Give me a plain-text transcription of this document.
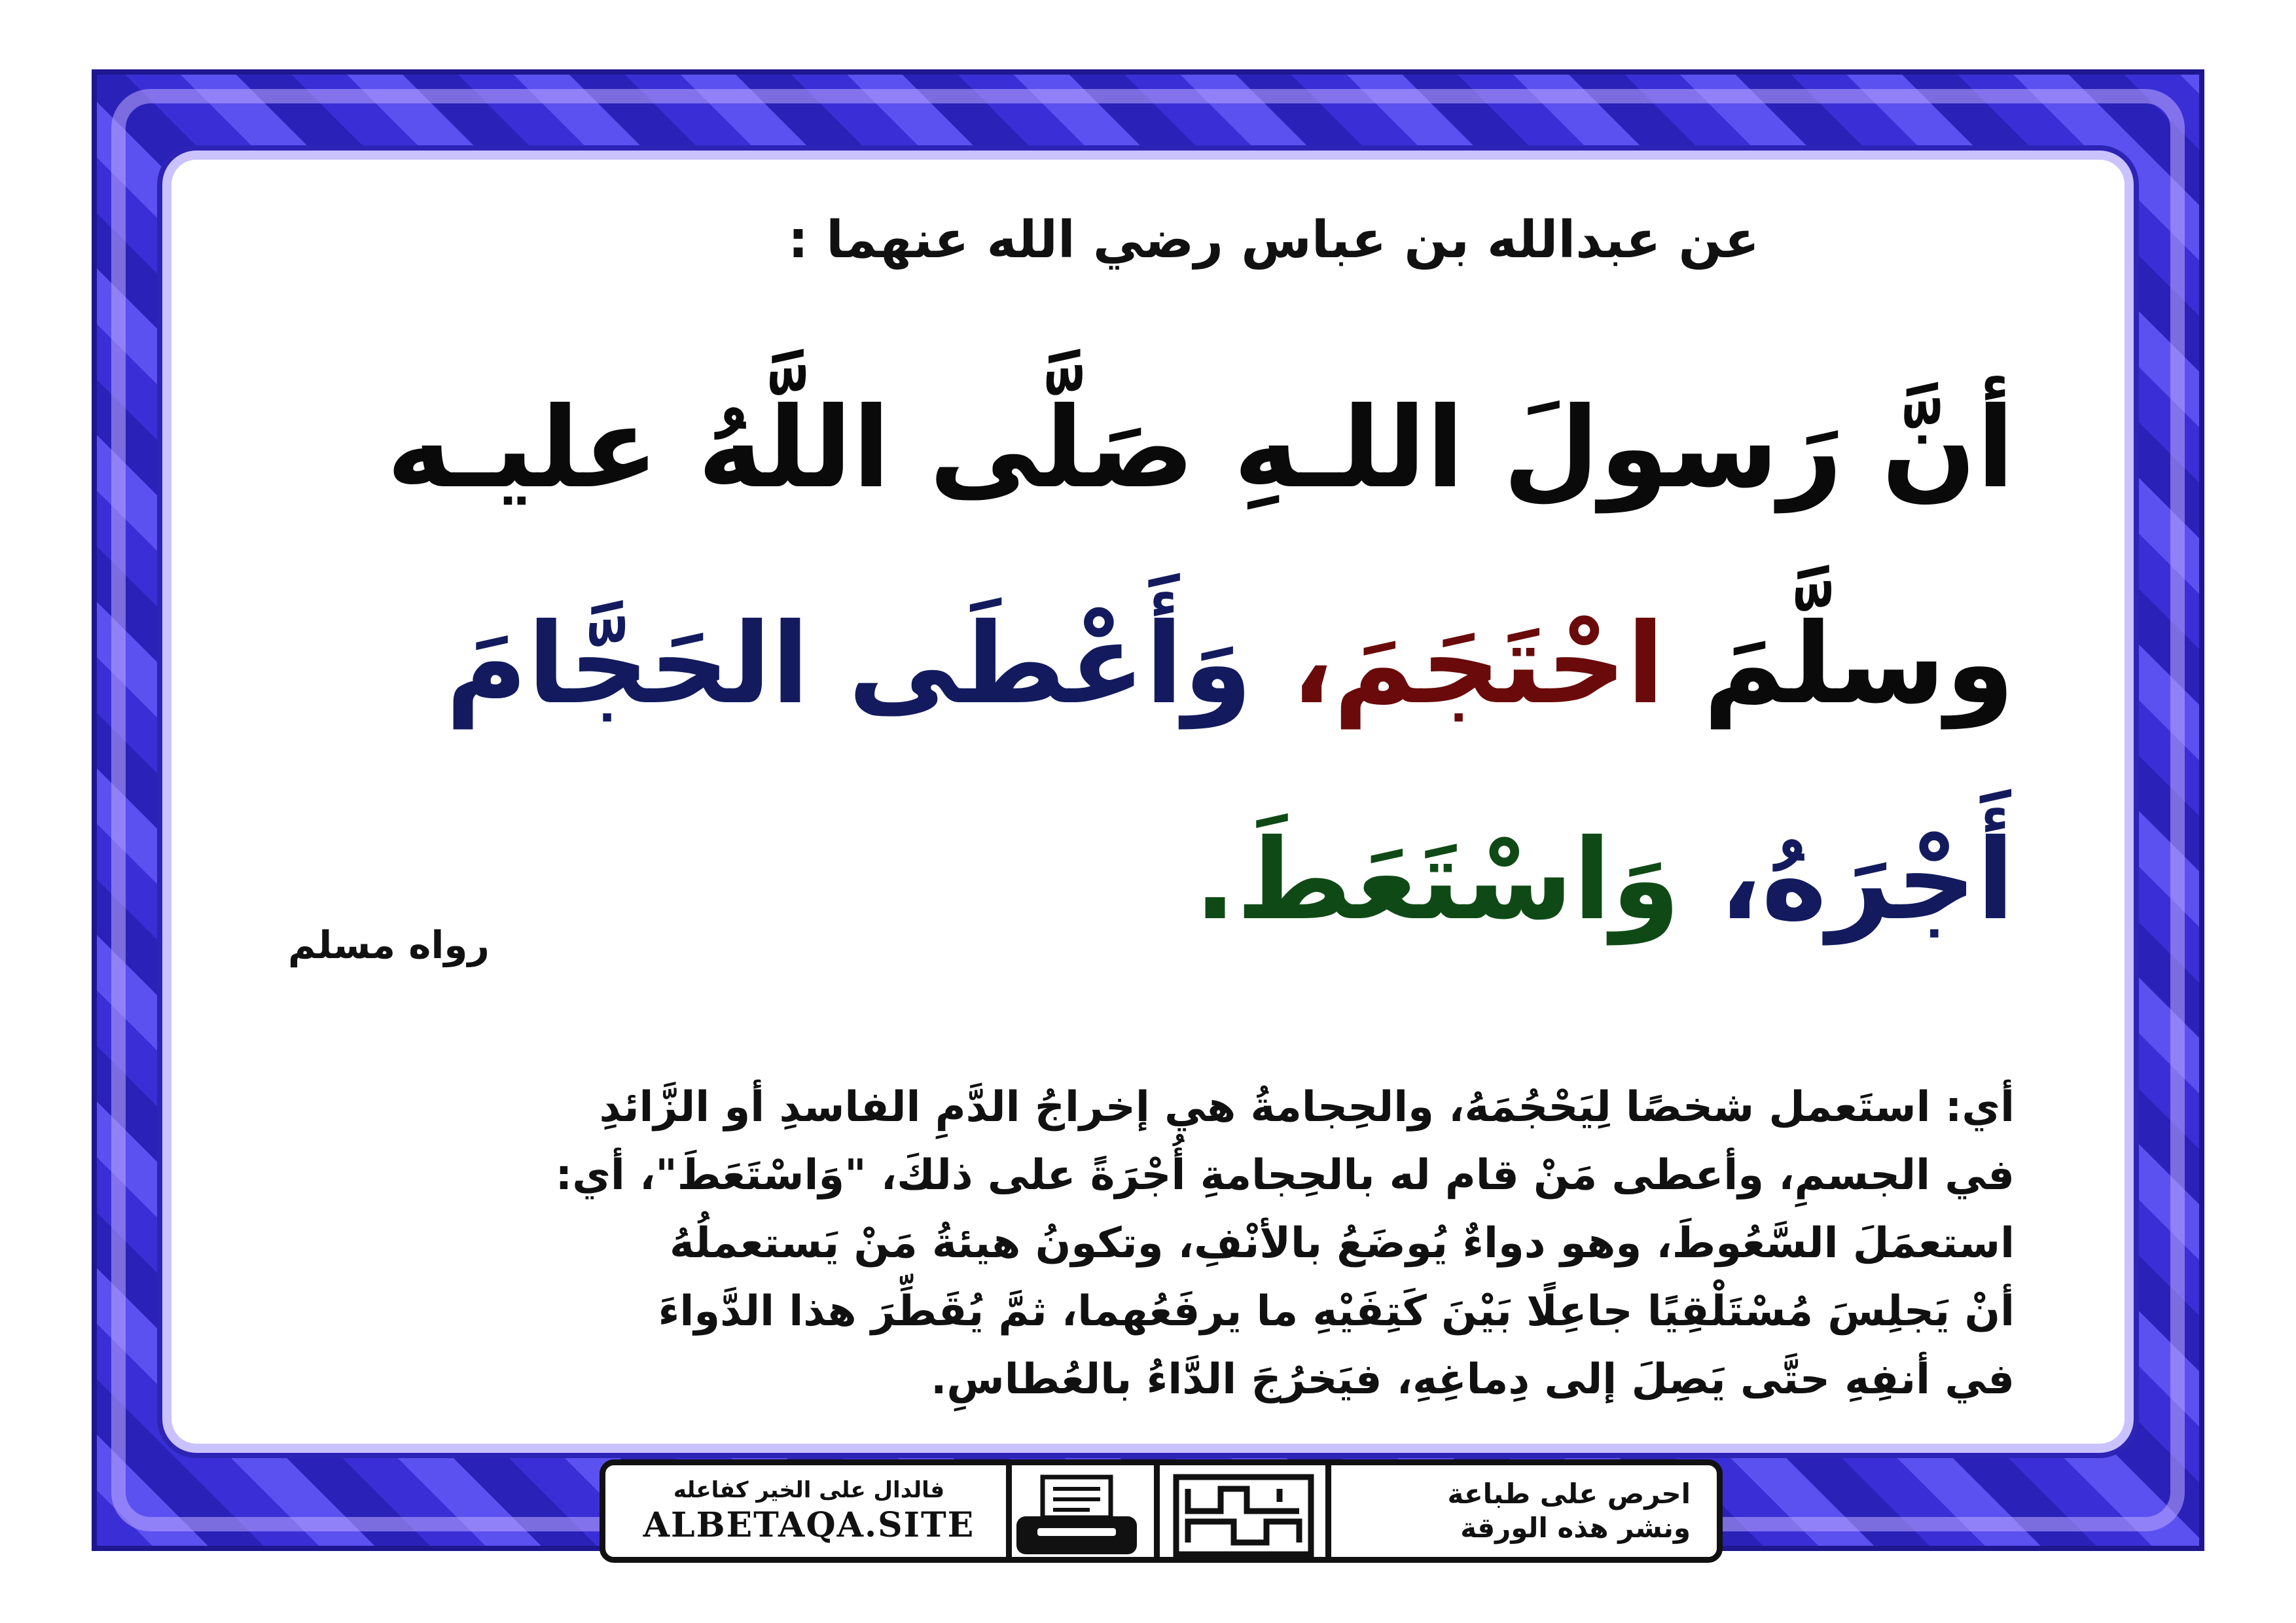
عن عبدالله بن عباس رضي الله عنهما :
أنَّ رَسولَ اللـهِ صَلَّى اللَّهُ عليـه
وسلَّمَ احْتَجَمَ، وَأَعْطَى الحَجَّامَ
أَجْرَهُ، وَاسْتَعَطَ.
رواه مسلم
أي: استَعمل شخصًا لِيَحْجُمَهُ، والحِجامةُ هي إخراجُ الدَّمِ الفاسدِ أو الزَّائدِ
في الجسمِ، وأعطى مَنْ قام له بالحِجامةِ أُجْرَةً على ذلكَ، "وَاسْتَعَطَ"، أي:
استعمَلَ السَّعُوطَ، وهو دواءٌ يُوضَعُ بالأنْفِ، وتكونُ هيئةُ مَنْ يَستعملُهُ
أنْ يَجلِسَ مُسْتَلْقِيًا جاعِلًا بَيْنَ كَتِفَيْهِ ما يرفَعُهما، ثمَّ يُقَطِّرَ هذا الدَّواءَ
في أنفِهِ حتَّى يَصِلَ إلى دِماغِهِ، فيَخرُجَ الدَّاءُ بالعُطاسِ.
فالدال على الخير كفاعله
ALBETAQA.SITE
احرص على طباعة
ونشر هذه الورقة
